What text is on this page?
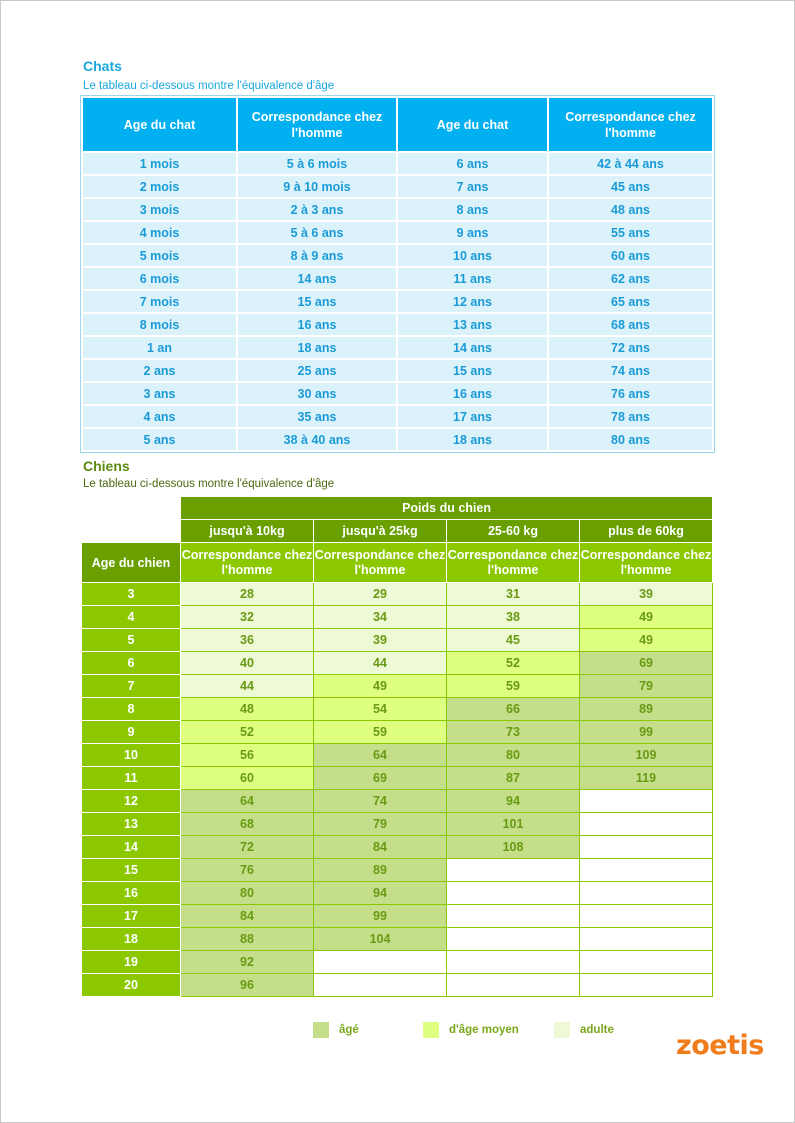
Chats
Le tableau ci-dessous montre l'équivalence d'âge
Age du chat	Correspondance chez l'homme	Age du chat	Correspondance chez l'homme
1 mois	5 à 6 mois	6 ans	42 à 44 ans
2 mois	9 à 10 mois	7 ans	45 ans
3 mois	2 à 3 ans	8 ans	48 ans
4 mois	5 à 6 ans	9 ans	55 ans
5 mois	8 à 9 ans	10 ans	60 ans
6 mois	14 ans	11 ans	62 ans
7 mois	15 ans	12 ans	65 ans
8 mois	16 ans	13 ans	68 ans
1 an	18 ans	14 ans	72 ans
2 ans	25 ans	15 ans	74 ans
3 ans	30 ans	16 ans	76 ans
4 ans	35 ans	17 ans	78 ans
5 ans	38 à 40 ans	18 ans	80 ans
Chiens
Le tableau ci-dessous montre l'équivalence d'âge
	Poids du chien			
	jusqu'à 10kg	jusqu'à 25kg	25-60 kg	plus de 60kg
Age du chien	Correspondance chez l'homme	Correspondance chez l'homme	Correspondance chez l'homme	Correspondance chez l'homme
3	28	29	31	39
4	32	34	38	49
5	36	39	45	49
6	40	44	52	69
7	44	49	59	79
8	48	54	66	89
9	52	59	73	99
10	56	64	80	109
11	60	69	87	119
12	64	74	94	
13	68	79	101	
14	72	84	108	
15	76	89		
16	80	94		
17	84	99		
18	88	104		
19	92			
20	96			
âgé	d'âge moyen	adulte zoetis
